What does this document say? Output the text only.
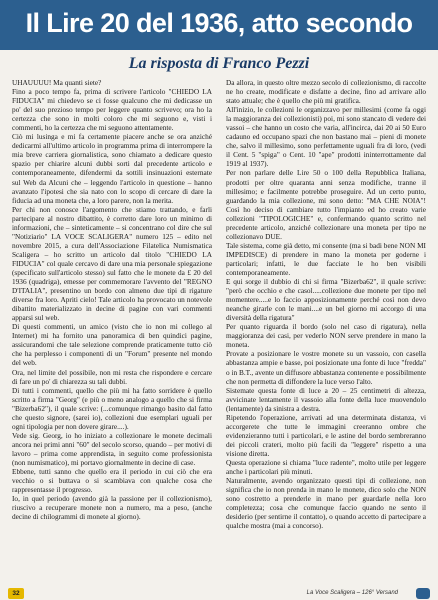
Il Lire 20 del 1936, atto secondo
La risposta di Franco Pezzi

UHAUUUU! Ma quanti siete?

Fino a poco tempo fa, prima di scrivere l'articolo "CHIEDO LA FIDUCIA" mi chiedevo se ci fosse qualcuno che mi dedicasse un po' del suo prezioso tempo per leggere quanto scrivevo; ora ho la certezza che sono in molti coloro che mi seguono e, visti i commenti, ho la certezza che mi seguono attentamente.

Ciò mi lusinga e mi fa certamente piacere anche se ora anziché dedicarmi all'ultimo articolo in programma prima di interrompere la mia breve carriera giornalistica, sono chiamato a dedicare questo spazio per chiarire alcuni dubbi sorti dal precedente articolo e contemporaneamente, difendermi da sottili insinuazioni esternate sul Web da Alcuni che – leggendo l'articolo in questione – hanno avanzato l'ipotesi che sia nato con lo scopo di cercare di dare la fiducia ad una moneta che, a loro parere, non la merita.

Per chi non conosce l'argomento che stiamo trattando, e farli partecipare al nostro dibattito, è corretto dare loro un minimo di informazioni, che – sinteticamente – si concentrano col dire che sul "Notiziario" LA VOCE SCALIGERA" numero 125 – edito nel novembre 2015, a cura dell'Associazione Filatelica Numismatica Scaligera – ho scritto un articolo dal titolo "CHIEDO LA FIDUCIA" col quale cercavo di dare una mia personale spiegazione (specificato sull'articolo stesso) sul fatto che le monete da £ 20 del 1936 (quadriga), emesse per commemorare l'avvento del "REGNO D'ITALIA", presentino un bordo con almeno due tipi di rigature diverse fra loro. Apriti cielo! Tale articolo ha provocato un notevole dibattito materializzato in decine di pagine con vari commenti apparsi sul web.

Di questi commenti, un amico (visto che io non mi collego al Internet) mi ha fornito una panoramica di ben quindici pagine, assicurandomi che tale selezione comprende praticamente tutto ciò che ha perplesso i componenti di un "Forum" presente nel mondo del web.

Ora, nel limite del possibile, non mi resta che rispondere e cercare di fare un po' di chiarezza su tali dubbi.

Di tutti i commenti, quello che più mi ha fatto sorridere è quello scritto a firma "Georg" (e più o meno analogo a quello che si firma "Bizerba62"), il quale scrive: (...comunque rimango basito dal fatto che questo signore, (sarei io), collezioni due esemplari uguali per ogni tipologia per non dovere girare....).

Vede sig. Georg, io ho iniziato a collezionare le monete decimali ancora nei primi anni "60" del secolo scorso, quando – per motivi di lavoro – prima come apprendista, in seguito come professionista (non numismatico), mi portavo giornalmente in decine di case.

Ebbene, tutti sanno che quello era il periodo in cui ciò che era vecchio o si buttava o si scambiava con qualche cosa che rappresentasse il progresso.

Io, in quel periodo (avendo già la passione per il collezionismo), riuscivo a recuperare monete non a numero, ma a peso, (anche decine di chilogrammi di monete al giorno).

Da allora, in questo oltre mezzo secolo di collezionismo, di raccolte ne ho create, modificate e disfatte a decine, fino ad arrivare allo stato attuale; che è quello che più mi gratifica.

All'inizio, le collezioni le organizzavo per millesimi (come fa oggi la maggioranza dei collezionisti) poi, mi sono stancato di vedere dei vassoi – che hanno un costo che varia, all'incirca, dai 20 ai 50 Euro cadauno ed occupano spazi che non bastano mai – pieni di monete che, salvo il millesimo, sono perfettamente uguali fra di loro, (vedi il Cent. 5 "spiga" o Cent. 10 "ape" prodotti ininterrottamente dal 1919 al 1937).

Per non parlare delle Lire 50 o 100 della Repubblica Italiana, prodotti per oltre quaranta anni senza modifiche, tranne il millesimo; e facilmente potrebbe proseguire. Ad un certo punto, guardando la mia collezione, mi sono detto: "MA CHE NOIA"! Così ho deciso di cambiare tutto l'impianto ed ho creato varie collezioni "TIPOLOGICHE" e, confermando quanto scritto nel precedente articolo, anziché collezionare una moneta per tipo ne collezionavo DUE.

Tale sistema, come già detto, mi consente (ma si badi bene NON MI IMPEDISCE) di prendere in mano la moneta per goderne i particolari; infatti, le due facciate le ho ben visibili contemporaneamente.

E qui sorge il dubbio di chi si firma "Bizerba62", il quale scrive: "però che occhio e che casol.....collezione due monete per tipo nel momentere.....e lo faccio apposizionamente perché così non devo neanche girarle con le mani....e un bel giorno mi accorgo di una diversità della rigatura"

Per quanto riguarda il bordo (solo nel caso di rigatura), nella maggioranza dei casi, per vederlo NON serve prendere in mano la moneta.

Provate a posizionare le vostre monete su un vassoio, con casella abbastanza ampie e basse, poi posizionate una fonte di luce "fredda" o in B.T., avente un diffusore abbastanza contenente e possibilmente che non permetta di diffondere la luce verso l'alto.

Sistemate questa fonte di luce a 20 – 25 centimetri di altezza, avvicinate lentamente il vassoio alla fonte della luce muovendolo (lentamente) da sinistra a destra.

Ripetendo l'operazione, arrivati ad una determinata distanza, vi accorgerete che tutte le immagini creeranno ombre che evidenzieranno tutti i particolari, e le astine del bordo sembreranno dei piccoli crateri, molto più facili da "leggere" rispetto a una visione diretta.

Questa operazione si chiama "luce radente", molto utile per leggere anche i particolari più minuti.

Naturalmente, avendo organizzato questi tipi di collezione, non significa che io non prenda in mano le monete, dico solo che NON sono costretto a prenderle in mano per guardarle nella loro completezza; cosa che comunque faccio quando ne sento il desiderio (per sentirne il contatto), o quando accetto di partecipare a qualche mostra (mai a concorso).

32	La Voce Scaligera – 126° Versand
